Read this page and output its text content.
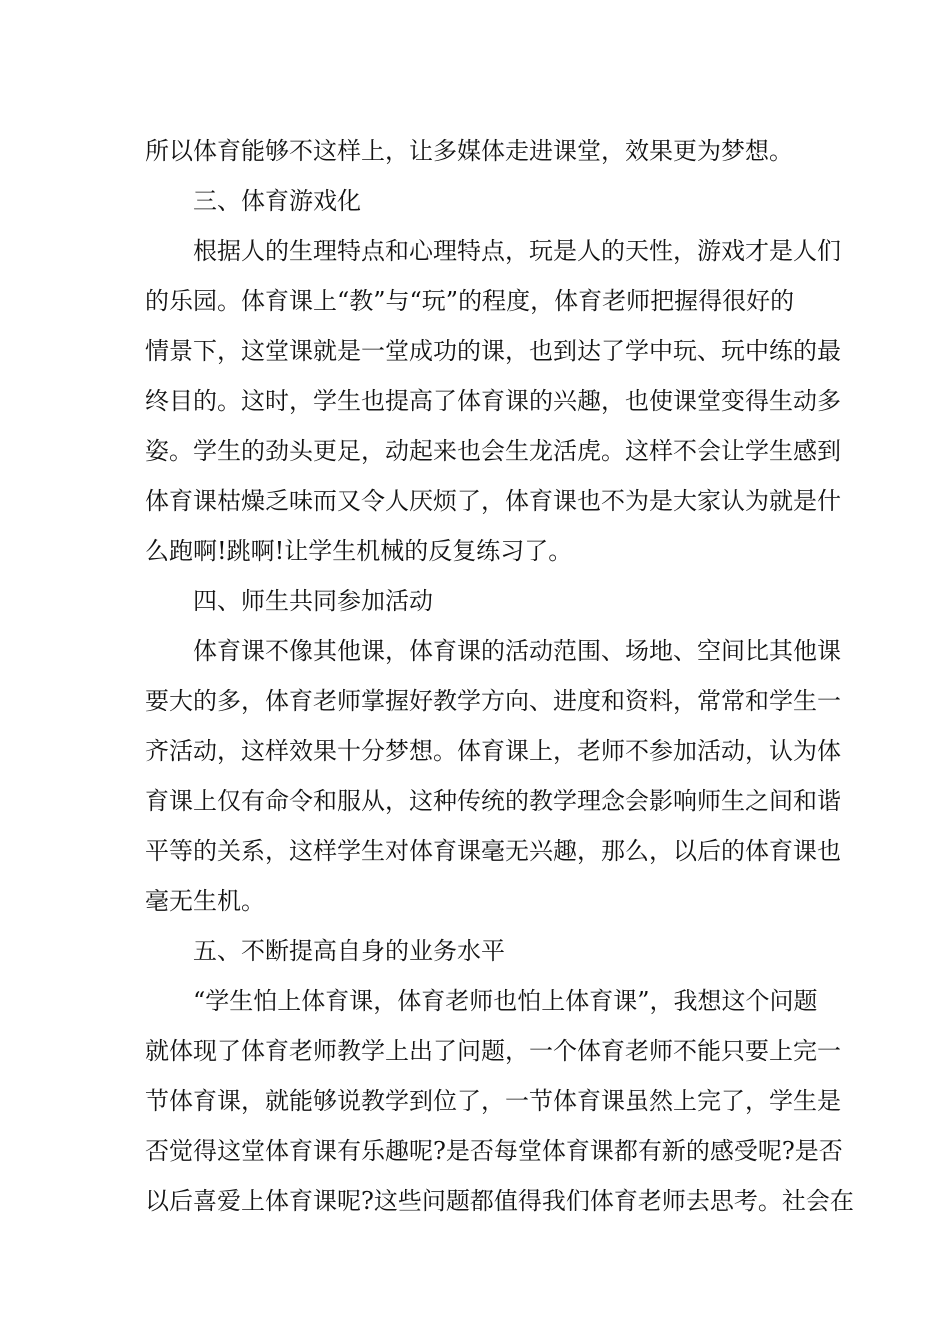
所以体育能够不这样上，让多媒体走进课堂，效果更为梦想。
三、体育游戏化
根据人的生理特点和心理特点，玩是人的天性，游戏才是人们
的乐园。体育课上“教”与“玩”的程度，体育老师把握得很好的
情景下，这堂课就是一堂成功的课，也到达了学中玩、玩中练的最
终目的。这时，学生也提高了体育课的兴趣，也使课堂变得生动多
姿。学生的劲头更足，动起来也会生龙活虎。这样不会让学生感到
体育课枯燥乏味而又令人厌烦了，体育课也不为是大家认为就是什
么跑啊!跳啊!让学生机械的反复练习了。
四、师生共同参加活动
体育课不像其他课，体育课的活动范围、场地、空间比其他课
要大的多，体育老师掌握好教学方向、进度和资料，常常和学生一
齐活动，这样效果十分梦想。体育课上，老师不参加活动，认为体
育课上仅有命令和服从，这种传统的教学理念会影响师生之间和谐
平等的关系，这样学生对体育课毫无兴趣，那么，以后的体育课也
毫无生机。
五、不断提高自身的业务水平
“学生怕上体育课，体育老师也怕上体育课”，我想这个问题
就体现了体育老师教学上出了问题，一个体育老师不能只要上完一
节体育课，就能够说教学到位了，一节体育课虽然上完了，学生是
否觉得这堂体育课有乐趣呢?是否每堂体育课都有新的感受呢?是否
以后喜爱上体育课呢?这些问题都值得我们体育老师去思考。社会在
